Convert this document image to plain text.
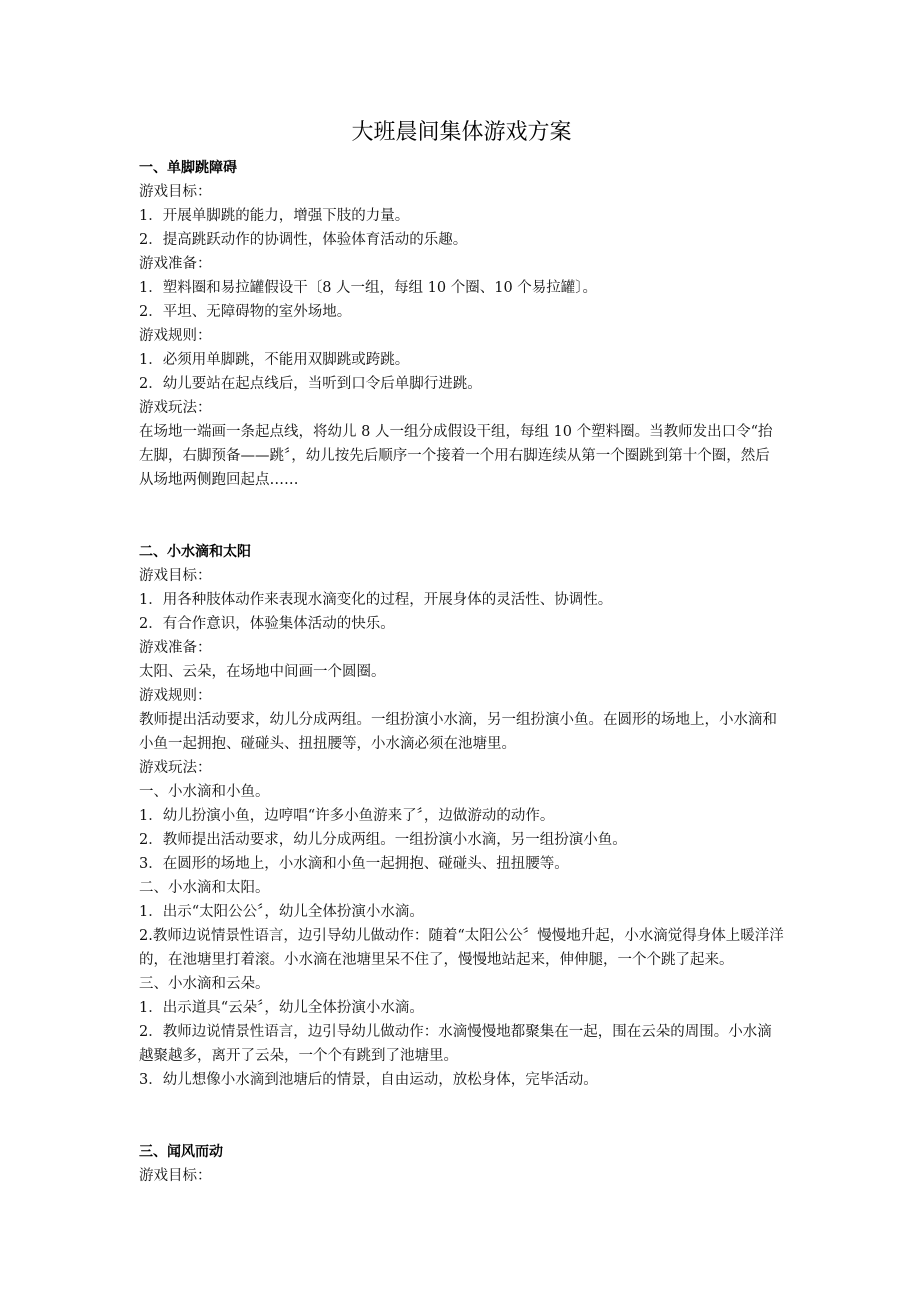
大班晨间集体游戏方案

一、单脚跳障碍

游戏目标：

1．开展单脚跳的能力，增强下肢的力量。

2．提高跳跃动作的协调性，体验体育活动的乐趣。

游戏准备：

1．塑料圈和易拉罐假设干〔8 人一组，每组 10 个圈、10 个易拉罐〕。

2．平坦、无障碍物的室外场地。

游戏规则：

1．必须用单脚跳，不能用双脚跳或跨跳。

2．幼儿要站在起点线后，当听到口令后单脚行进跳。

游戏玩法：

在场地一端画一条起点线，将幼儿 8 人一组分成假设干组，每组 10 个塑料圈。当教师发出口令“抬左脚，右脚预备——跳〞，幼儿按先后顺序一个接着一个用右脚连续从第一个圈跳到第十个圈，然后从场地两侧跑回起点……

二、小水滴和太阳

游戏目标：

1．用各种肢体动作来表现水滴变化的过程，开展身体的灵活性、协调性。

2．有合作意识，体验集体活动的快乐。

游戏准备：

太阳、云朵，在场地中间画一个圆圈。

游戏规则：

教师提出活动要求，幼儿分成两组。一组扮演小水滴，另一组扮演小鱼。在圆形的场地上，小水滴和小鱼一起拥抱、碰碰头、扭扭腰等，小水滴必须在池塘里。

游戏玩法：

一、小水滴和小鱼。

1．幼儿扮演小鱼，边哼唱“许多小鱼游来了〞，边做游动的动作。

2．教师提出活动要求，幼儿分成两组。一组扮演小水滴，另一组扮演小鱼。

3．在圆形的场地上，小水滴和小鱼一起拥抱、碰碰头、扭扭腰等。

二、小水滴和太阳。

1．出示“太阳公公〞，幼儿全体扮演小水滴。

2.教师边说情景性语言，边引导幼儿做动作：随着“太阳公公〞慢慢地升起，小水滴觉得身体上暖洋洋的，在池塘里打着滚。小水滴在池塘里呆不住了，慢慢地站起来，伸伸腿，一个个跳了起来。

三、小水滴和云朵。

1．出示道具“云朵〞，幼儿全体扮演小水滴。

2．教师边说情景性语言，边引导幼儿做动作：水滴慢慢地都聚集在一起，围在云朵的周围。小水滴越聚越多，离开了云朵，一个个有跳到了池塘里。

3．幼儿想像小水滴到池塘后的情景，自由运动，放松身体，完毕活动。

三、闻风而动

游戏目标：
